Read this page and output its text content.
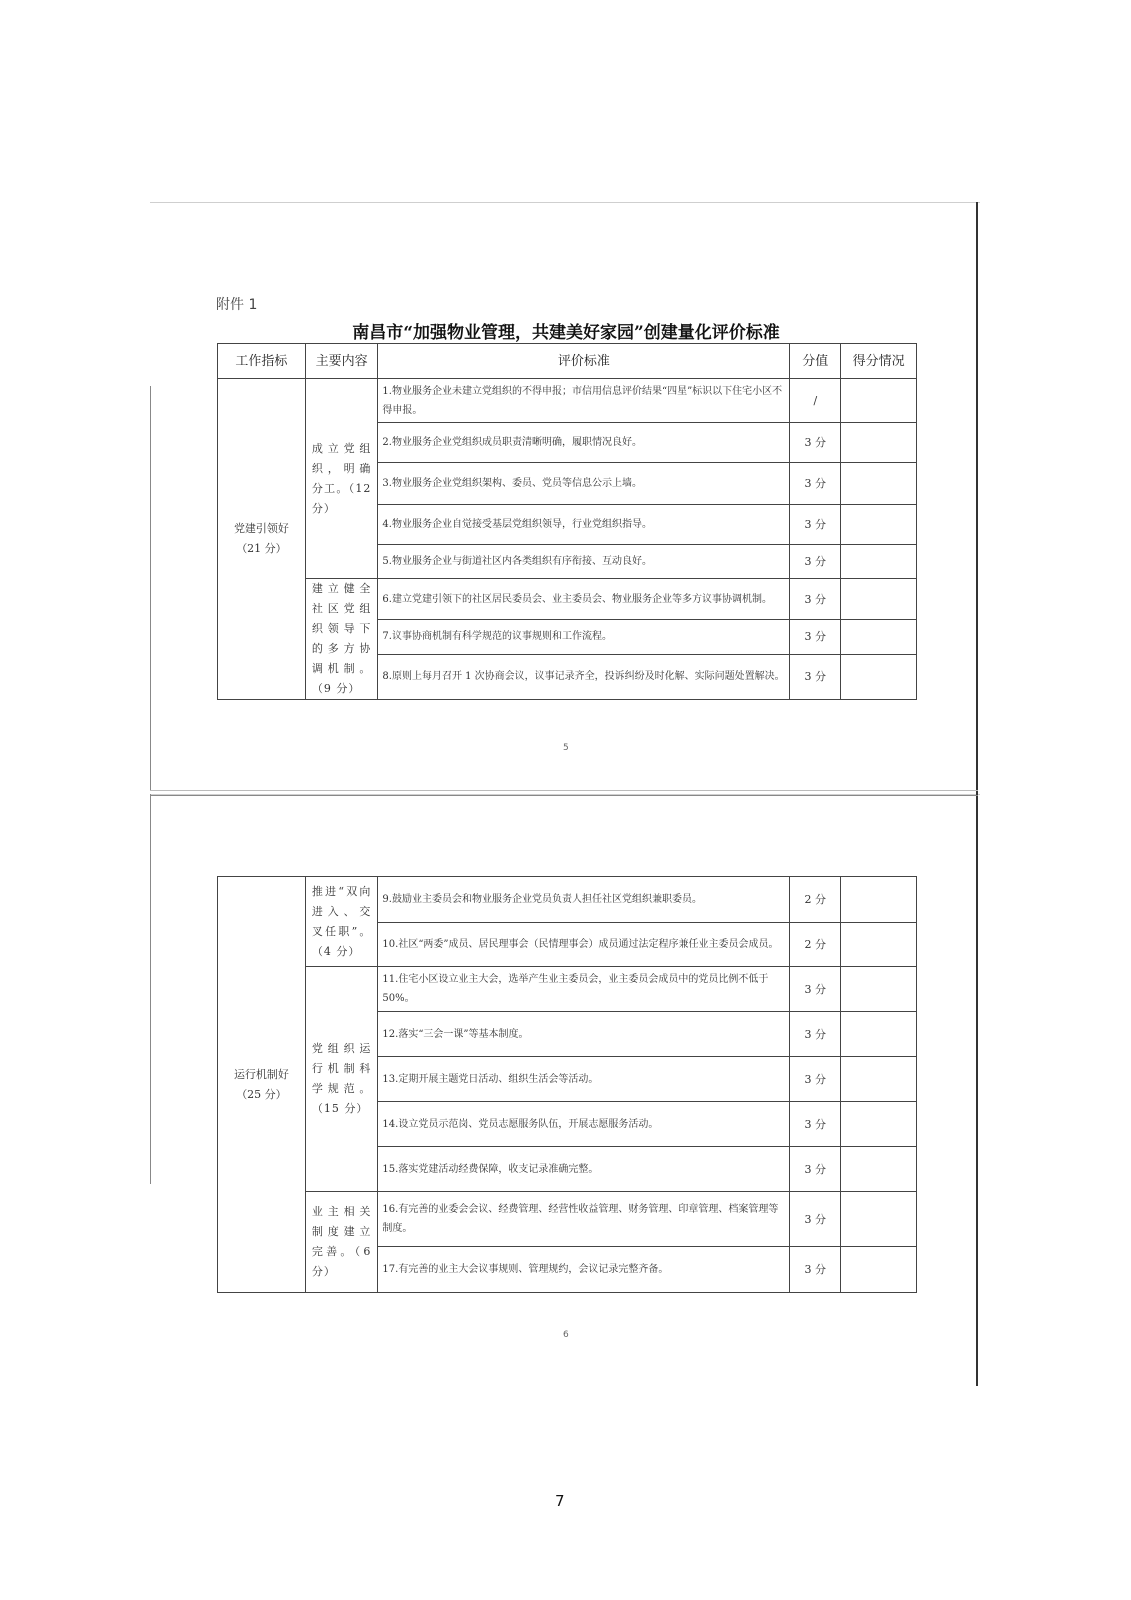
附件 1
南昌市“加强物业管理，共建美好家园”创建量化评价标准
工作指标	主要内容	评价标准	分值	得分情况
党建引领好（21 分）	成立党组织，明确分工。（12 分）	1.物业服务企业未建立党组织的不得申报；市信用信息评价结果“四星”标识以下住宅小区不得申报。	/	
		2.物业服务企业党组织成员职责清晰明确，履职情况良好。	3 分	
		3.物业服务企业党组织架构、委员、党员等信息公示上墙。	3 分	
		4.物业服务企业自觉接受基层党组织领导，行业党组织指导。	3 分	
		5.物业服务企业与街道社区内各类组织有序衔接、互动良好。	3 分	
	建立健全社区党组织领导下的多方协调机制。（9 分）	6.建立党建引领下的社区居民委员会、业主委员会、物业服务企业等多方议事协调机制。	3 分	
		7.议事协商机制有科学规范的议事规则和工作流程。	3 分	
		8.原则上每月召开 1 次协商会议，议事记录齐全，投诉纠纷及时化解、实际问题处置解决。	3 分	
5
运行机制好（25 分）	推进“双向进入、交叉任职”。（4 分）	9.鼓励业主委员会和物业服务企业党员负责人担任社区党组织兼职委员。	2 分	
		10.社区“两委”成员、居民理事会（民情理事会）成员通过法定程序兼任业主委员会成员。	2 分	
	党组织运行机制科学规范。（15 分）	11.住宅小区设立业主大会，选举产生业主委员会，业主委员会成员中的党员比例不低于 50%。	3 分	
		12.落实“三会一课”等基本制度。	3 分	
		13.定期开展主题党日活动、组织生活会等活动。	3 分	
		14.设立党员示范岗、党员志愿服务队伍，开展志愿服务活动。	3 分	
		15.落实党建活动经费保障，收支记录准确完整。	3 分	
	业主相关制度建立完善。（6 分）	16.有完善的业委会会议、经费管理、经营性收益管理、财务管理、印章管理、档案管理等制度。	3 分	
		17.有完善的业主大会议事规则、管理规约，会议记录完整齐备。	3 分	
6
7
